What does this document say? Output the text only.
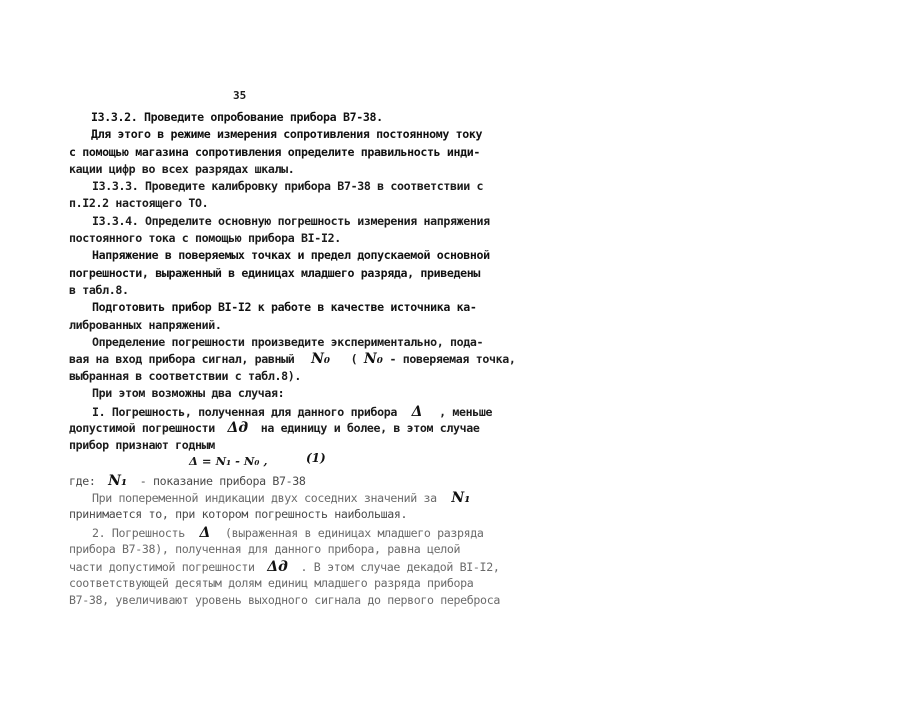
35
I3.3.2. Проведите опробование прибора В7-38.
Для этого в режиме измерения сопротивления постоянному току
с помощью магазина сопротивления определите правильность инди-
кации цифр во всех разрядах шкалы.
I3.3.3. Проведите калибровку прибора В7-38 в соответствии с
п.I2.2 настоящего ТО.
I3.3.4. Определите основную погрешность измерения напряжения
постоянного тока с помощью прибора ВI-I2.
Напряжение в поверяемых точках и предел допускаемой основной
погрешности, выраженный в единицах младшего разряда, приведены
в табл.8.
Подготовить прибор ВI-I2 к работе в качестве источника ка-
либрованных напряжений.
Определение погрешности произведите экспериментально, пода-
вая на вход прибора сигнал, равный N₀ ( N₀ - поверяемая точка,
выбранная в соответствии с табл.8).
При этом возможны два случая:
I. Погрешность, полученная для данного прибора Δ , меньше
допустимой погрешности Δд на единицу и более, в этом случае
прибор признают годным
Δ = N₁ - N₀ ,	(1)
где: N₁ - показание прибора В7-38
При попеременной индикации двух соседних значений за N₁
принимается то, при котором погрешность наибольшая.
2. Погрешность Δ (выраженная в единицах младшего разряда
прибора В7-38), полученная для данного прибора, равна целой
части допустимой погрешности Δд . В этом случае декадой ВI-I2,
соответствующей десятым долям единиц младшего разряда прибора
В7-38, увеличивают уровень выходного сигнала до первого переброса
